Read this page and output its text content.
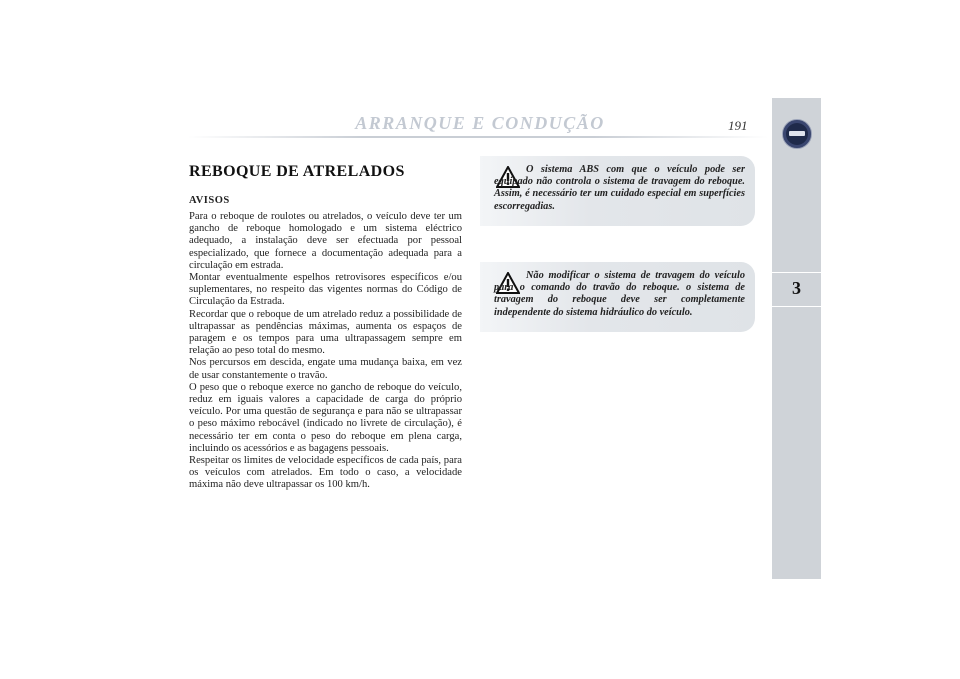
3
ARRANQUE E CONDUÇÃO	191
REBOQUE DE ATRELADOS
AVISOS

Para o reboque de roulotes ou atrelados, o veículo deve ter um gancho de reboque homologado e um sistema eléctrico adequado, a instalação deve ser efectuada por pessoal especializado, que fornece a documentação adequada para a circulação em estrada.

Montar eventualmente espelhos retrovisores específicos e/ou suplementares, no respeito das vigentes normas do Código de Circulação da Estrada.

Recordar que o reboque de um atrelado reduz a possibilidade de ultrapassar as pendências máximas, aumenta os espaços de paragem e os tempos para uma ultrapassagem sempre em relação ao peso total do mesmo.

Nos percursos em descida, engate uma mudança baixa, em vez de usar constantemente o travão.

O peso que o reboque exerce no gancho de reboque do veículo, reduz em iguais valores a capacidade de carga do próprio veículo. Por uma questão de segurança e para não se ultrapassar o peso máximo rebocável (indicado no livrete de circulação), é necessário ter em conta o peso do reboque em plena carga, incluindo os acessórios e as bagagens pessoais.

Respeitar os limites de velocidade específicos de cada país, para os veículos com atrelados. Em todo o caso, a velocidade máxima não deve ultrapassar os 100 km/h.

O sistema ABS com que o veículo pode ser equipado não controla o sistema de travagem do reboque. Assim, é necessário ter um cuidado especial em superfícies escorregadias.
Não modificar o sistema de travagem do veículo para o comando do travão do reboque. o sistema de travagem do reboque deve ser completamente independente do sistema hidráulico do veículo.
